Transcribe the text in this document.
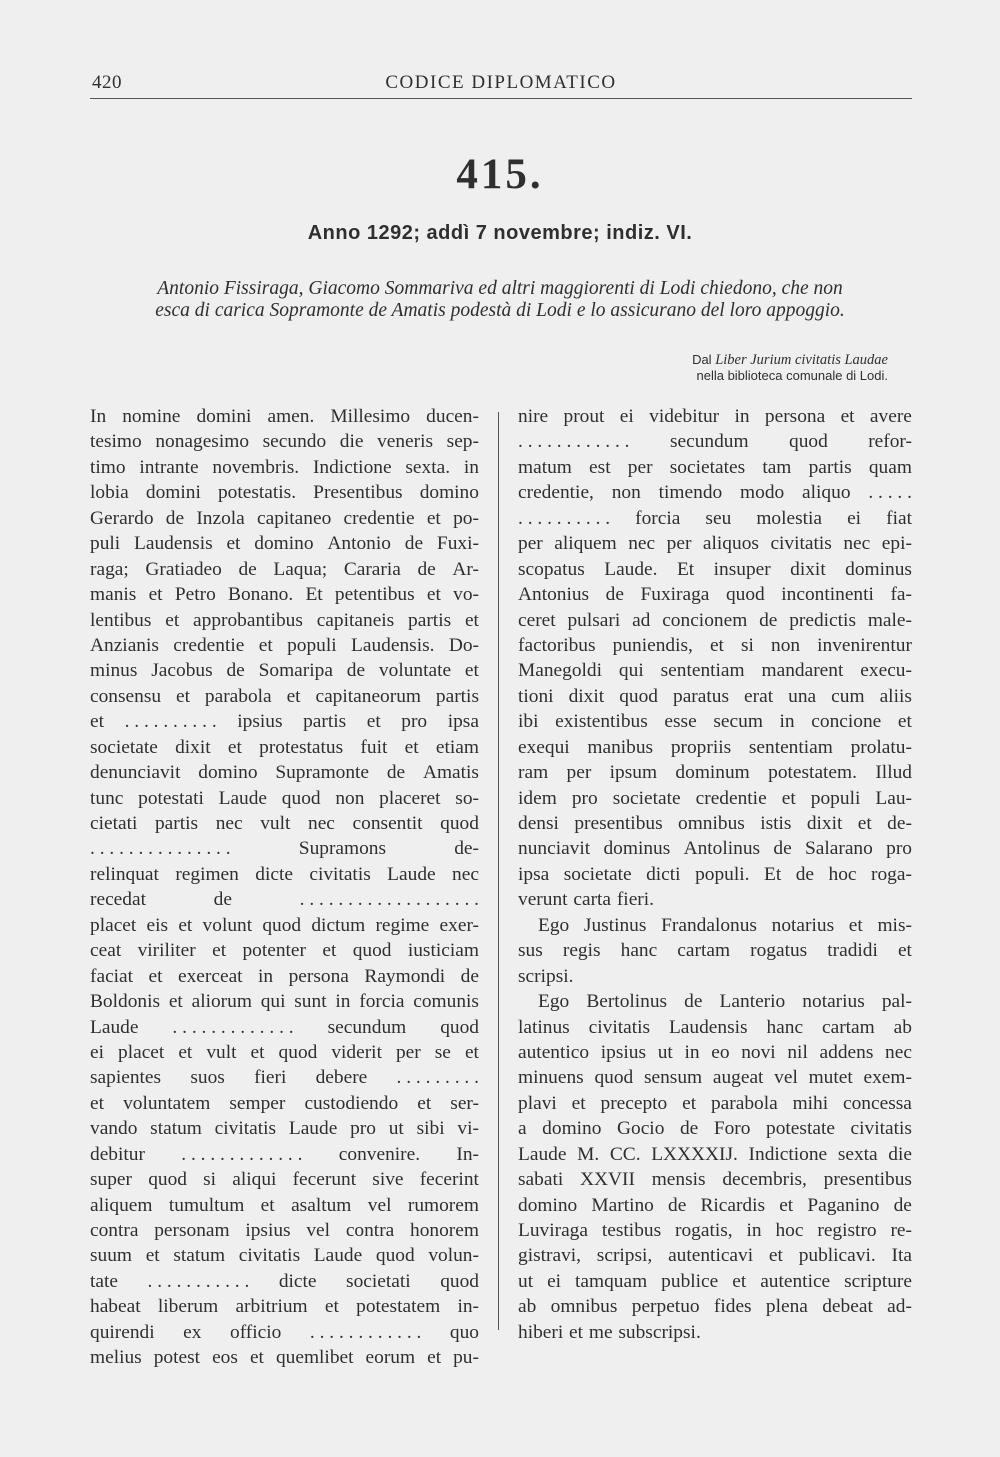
420	CODICE DIPLOMATICO
415.
Anno 1292; addì 7 novembre; indiz. VI.
Antonio Fissiraga, Giacomo Sommariva ed altri maggiorenti di Lodi chiedono, che non
esca di carica Sopramonte de Amatis podestà di Lodi e lo assicurano del loro appoggio.
Dal Liber Jurium civitatis Laudae
nella biblioteca comunale di Lodi.
In nomine domini amen. Millesimo ducen-
tesimo nonagesimo secundo die veneris sep-
timo intrante novembris. Indictione sexta. in
lobia domini potestatis. Presentibus domino
Gerardo de Inzola capitaneo credentie et po-
puli Laudensis et domino Antonio de Fuxi-
raga; Gratiadeo de Laqua; Cararia de Ar-
manis et Petro Bonano. Et petentibus et vo-
lentibus et approbantibus capitaneis partis et
Anzianis credentie et populi Laudensis. Do-
minus Jacobus de Somaripa de voluntate et
consensu et parabola et capitaneorum partis
et . . . . . . . . . . ipsius partis et pro ipsa
societate dixit et protestatus fuit et etiam
denunciavit domino Supramonte de Amatis
tunc potestati Laude quod non placeret so-
cietati partis nec vult nec consentit quod
. . . . . . . . . . . . . . .	Supramons	de-
relinquat regimen dicte civitatis Laude nec
recedat	de	. . . . . . . . . . . . . . . . . . .
placet eis et volunt quod dictum regime exer-
ceat viriliter et potenter et quod iusticiam
faciat et exerceat in persona Raymondi de
Boldonis et aliorum qui sunt in forcia comunis
Laude . . . . . . . . . . . . . secundum quod
ei placet et vult et quod viderit per se et
sapientes suos fieri debere . . . . . . . . .
et voluntatem semper custodiendo et ser-
vando statum civitatis Laude pro ut sibi vi-
debitur . . . . . . . . . . . . . convenire. In-
super quod si aliqui fecerunt sive fecerint
aliquem tumultum et asaltum vel rumorem
contra personam ipsius vel contra honorem
suum et statum civitatis Laude quod volun-
tate . . . . . . . . . . . dicte societati quod
habeat liberum arbitrium et potestatem in-
quirendi ex officio . . . . . . . . . . . . quo
melius potest eos et quemlibet eorum et pu-
nire prout ei videbitur in persona et avere
. . . . . . . . . . . . secundum quod refor-
matum est per societates tam partis quam
credentie, non timendo modo aliquo . . . . .
. . . . . . . . . . forcia seu molestia ei fiat
per aliquem nec per aliquos civitatis nec epi-
scopatus Laude. Et insuper dixit dominus
Antonius de Fuxiraga quod incontinenti fa-
ceret pulsari ad concionem de predictis male-
factoribus puniendis, et si non invenirentur
Manegoldi qui sententiam mandarent execu-
tioni dixit quod paratus erat una cum aliis
ibi existentibus esse secum in concione et
exequi manibus propriis sententiam prolatu-
ram per ipsum dominum potestatem. Illud
idem pro societate credentie et populi Lau-
densi presentibus omnibus istis dixit et de-
nunciavit dominus Antolinus de Salarano pro
ipsa societate dicti populi. Et de hoc roga-
verunt carta fieri.
Ego Justinus Frandalonus notarius et mis-
sus regis hanc cartam rogatus tradidi et
scripsi.
Ego Bertolinus de Lanterio notarius pal-
latinus civitatis Laudensis hanc cartam ab
autentico ipsius ut in eo novi nil addens nec
minuens quod sensum augeat vel mutet exem-
plavi et precepto et parabola mihi concessa
a domino Gocio de Foro potestate civitatis
Laude M. CC. LXXXXIJ. Indictione sexta die
sabati XXVII mensis decembris, presentibus
domino Martino de Ricardis et Paganino de
Luviraga testibus rogatis, in hoc registro re-
gistravi, scripsi, autenticavi et publicavi. Ita
ut ei tamquam publice et autentice scripture
ab omnibus perpetuo fides plena debeat ad-
hiberi et me subscripsi.
